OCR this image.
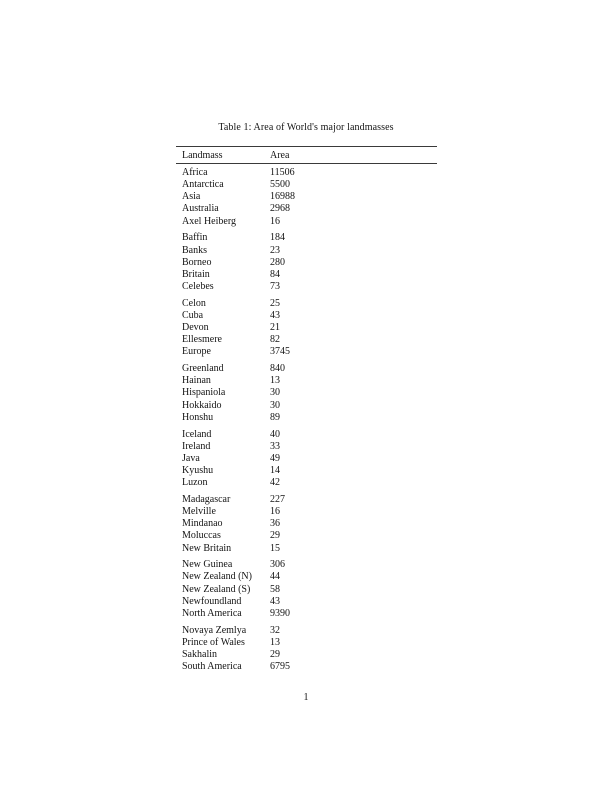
Table 1: Area of World's major landmasses
Landmass	Area
Africa	11506
Antarctica	5500
Asia	16988
Australia	2968
Axel Heiberg	16
Baffin	184
Banks	23
Borneo	280
Britain	84
Celebes	73
Celon	25
Cuba	43
Devon	21
Ellesmere	82
Europe	3745
Greenland	840
Hainan	13
Hispaniola	30
Hokkaido	30
Honshu	89
Iceland	40
Ireland	33
Java	49
Kyushu	14
Luzon	42
Madagascar	227
Melville	16
Mindanao	36
Moluccas	29
New Britain	15
New Guinea	306
New Zealand (N)	44
New Zealand (S)	58
Newfoundland	43
North America	9390
Novaya Zemlya	32
Prince of Wales	13
Sakhalin	29
South America	6795
1
